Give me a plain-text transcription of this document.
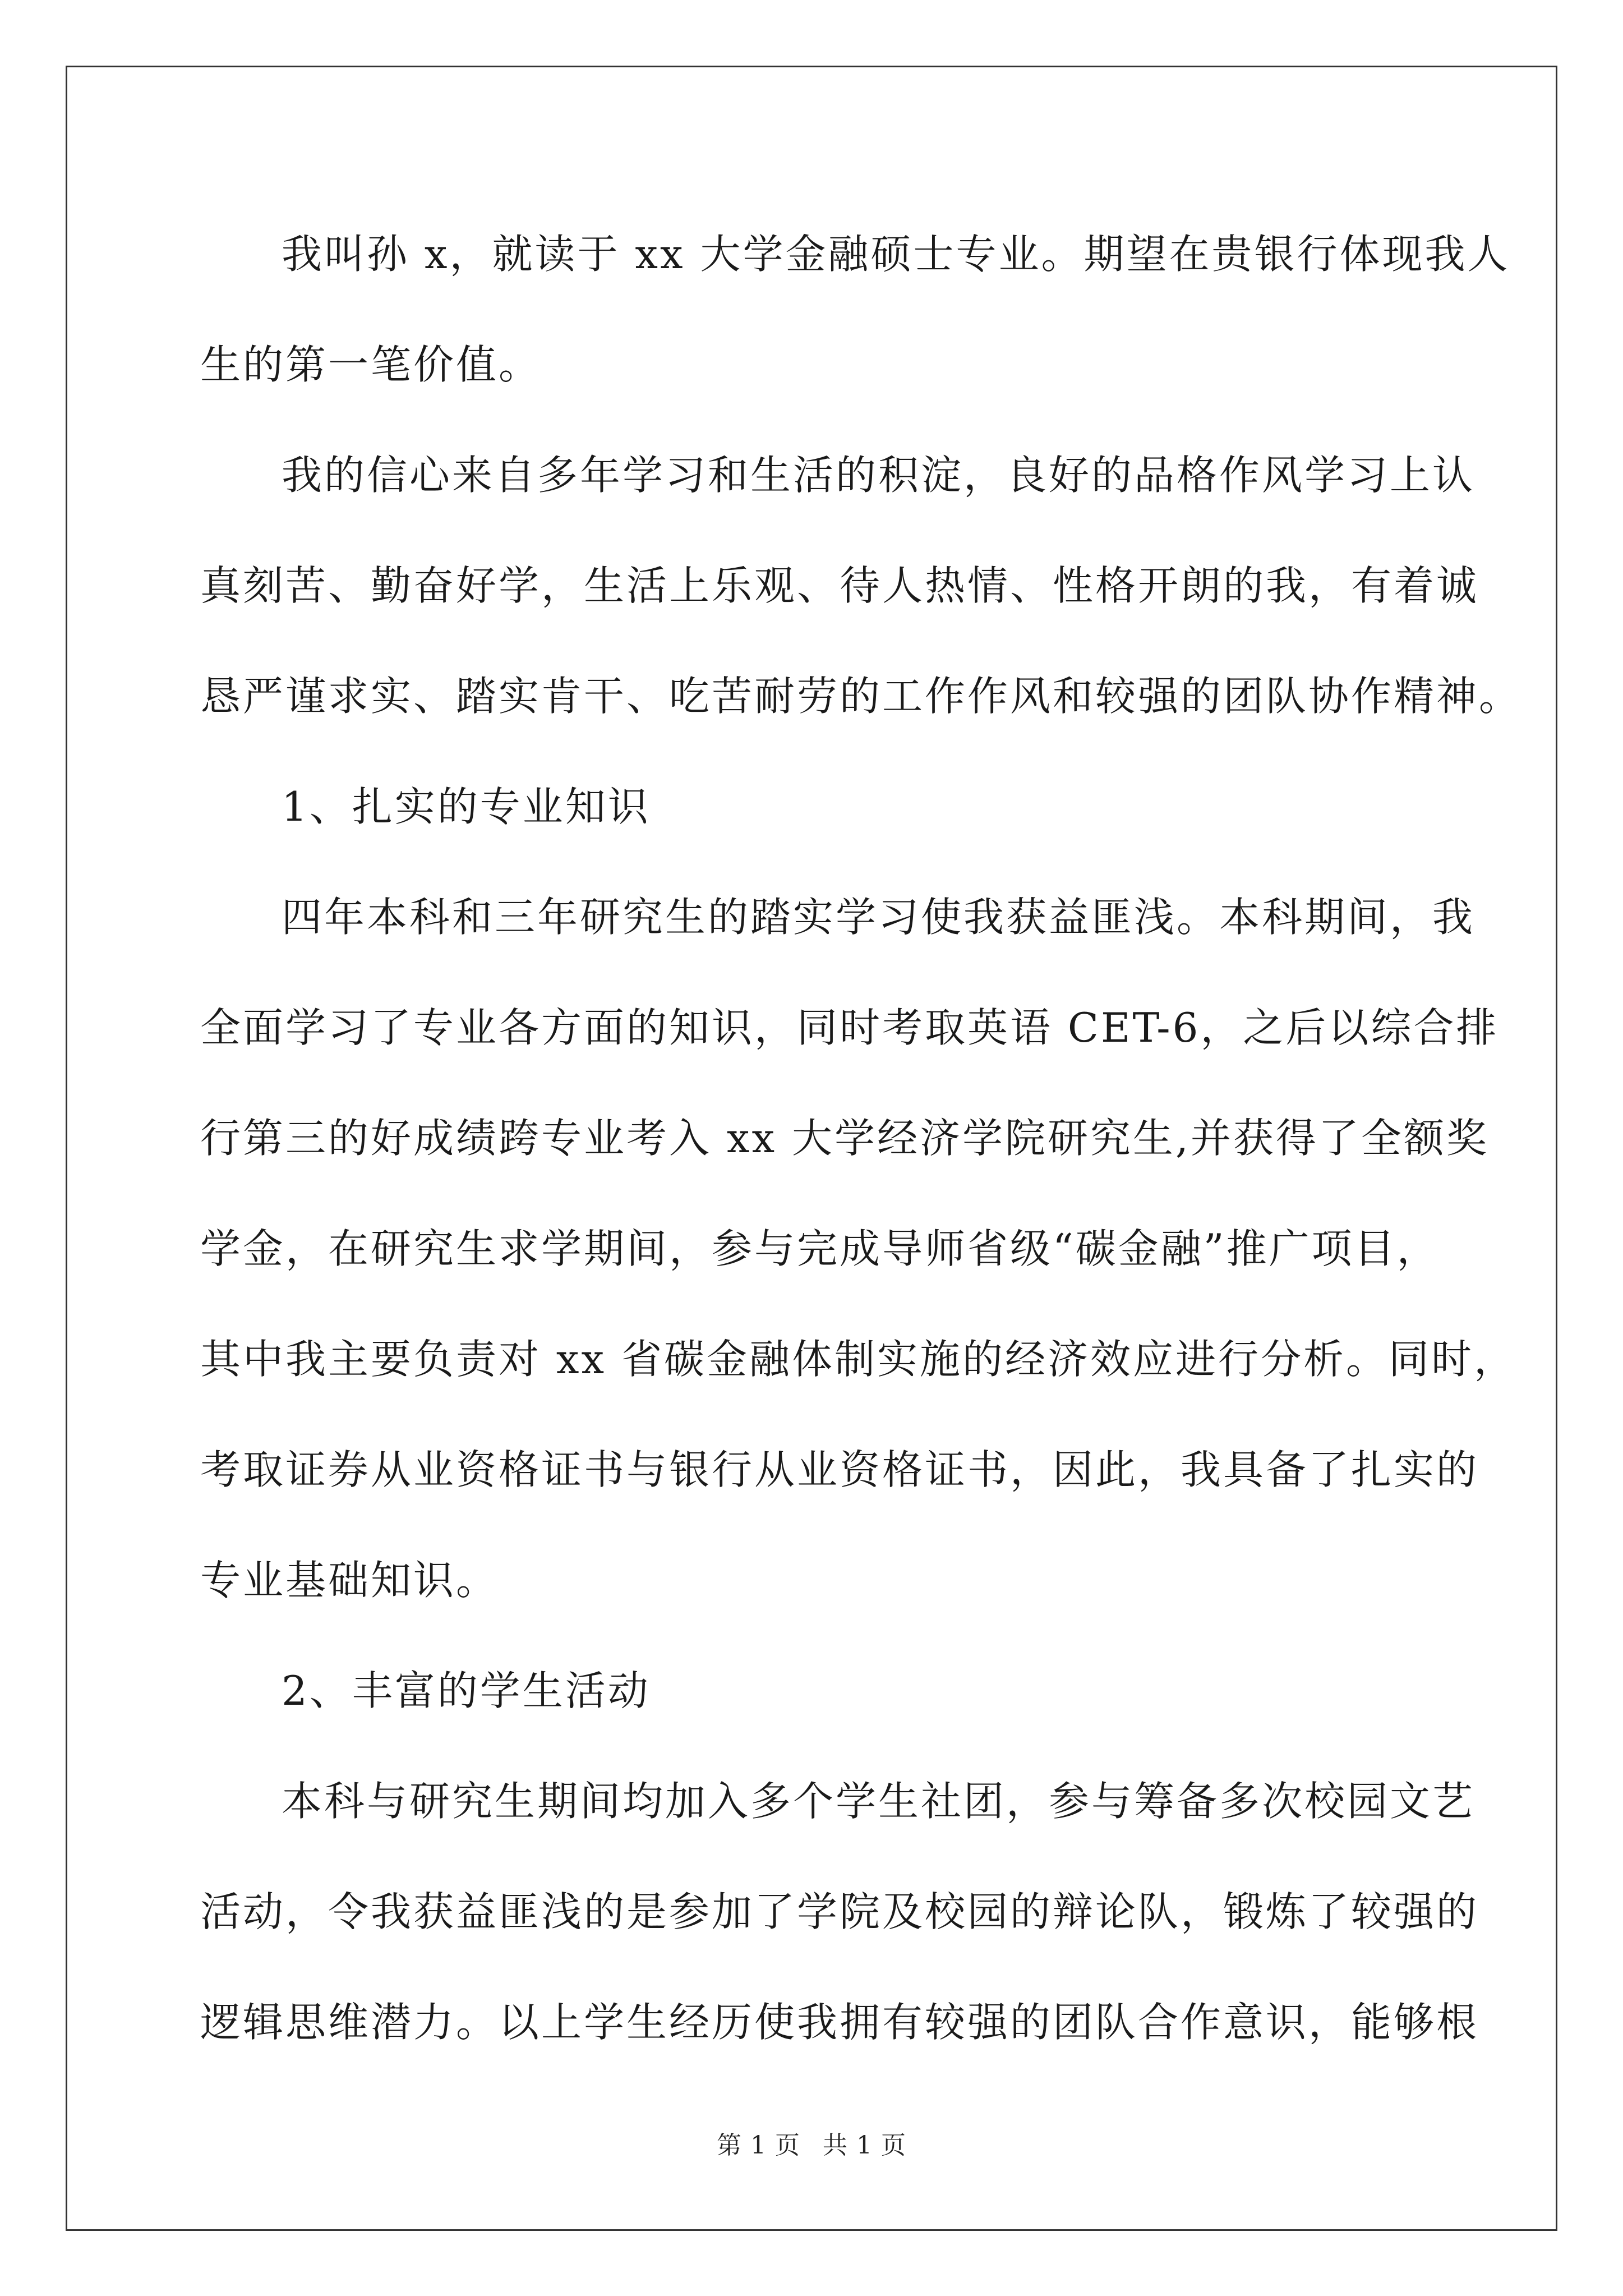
我叫孙 x，就读于 xx 大学金融硕士专业。期望在贵银行体现我人
生的第一笔价值。
我的信心来自多年学习和生活的积淀，良好的品格作风学习上认
真刻苦、勤奋好学，生活上乐观、待人热情、性格开朗的我，有着诚
恳严谨求实、踏实肯干、吃苦耐劳的工作作风和较强的团队协作精神。
1、扎实的专业知识
四年本科和三年研究生的踏实学习使我获益匪浅。本科期间，我
全面学习了专业各方面的知识，同时考取英语 CET-6，之后以综合排
行第三的好成绩跨专业考入 xx 大学经济学院研究生,并获得了全额奖
学金，在研究生求学期间，参与完成导师省级“碳金融”推广项目，
其中我主要负责对 xx 省碳金融体制实施的经济效应进行分析。同时，
考取证券从业资格证书与银行从业资格证书，因此，我具备了扎实的
专业基础知识。
2、丰富的学生活动
本科与研究生期间均加入多个学生社团，参与筹备多次校园文艺
活动，令我获益匪浅的是参加了学院及校园的辩论队，锻炼了较强的
逻辑思维潜力。以上学生经历使我拥有较强的团队合作意识，能够根
第 1 页 共 1 页
